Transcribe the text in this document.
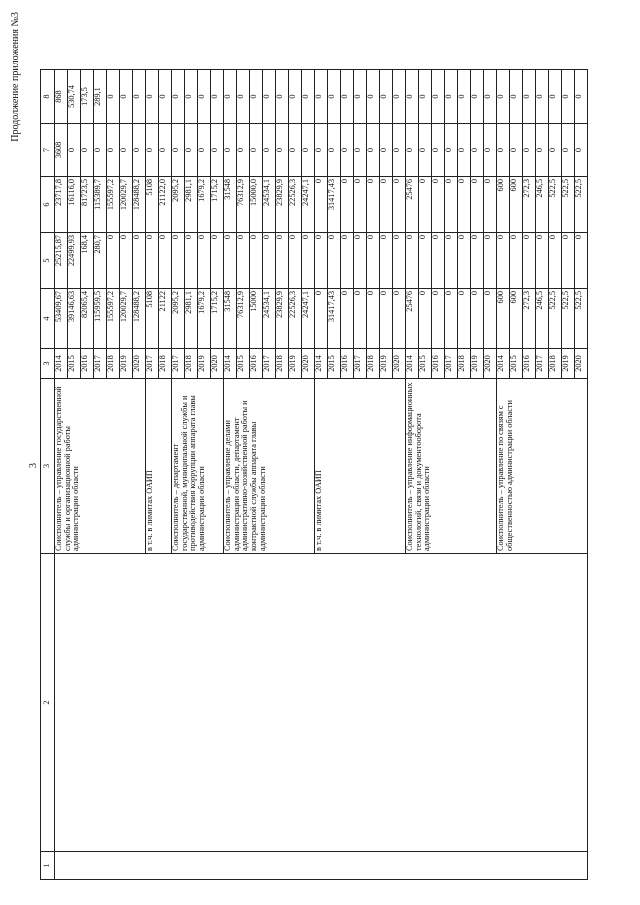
3
Продолжение приложения №3
1	2	3	3	4	5	6	7	8
		Соисполнитель – управление государственной службы и организационной работы администрации области	2014	53409,67	25215,87	23717,8	3608	868
			2015	39146,63	22499,93	16116,0	0	530,74
			2016	82065,4	168,4	81723,5	0	173,5
			2017	115959,5	280,7	115389,7	0	289,1
			2018	155597,2	0	155597,2	0	0
			2019	120029,7	0	120029,7	0	0
			2020	128488,2	0	128488,2	0	0
		в т.ч. в лимитах ОАИП	2017	5108	0	5108	0	0
			2018	21122	0	21122,0	0	0
		Соисполнитель – департамент государственной, муниципальной службы и противодействия коррупции аппарата главы администрации области	2017	2095,2	0	2095,2	0	0
			2018	2981,1	0	2981,1	0	0
			2019	1679,2	0	1679,2	0	0
			2020	1715,2	0	1715,2	0	0
		Соисполнитель – управление делами администрации области, департамент административно-хозяйственной работы и контрактной службы аппарата главы администрации области	2014	31548	0	31548	0	0
			2015	76312,9	0	76312,9	0	0
			2016	15000	0	15000,0	0	0
			2017	24534,1	0	24534,1	0	0
			2018	23829,9	0	23829,9	0	0
			2019	22526,3	0	22526,3	0	0
			2020	24247,1	0	24247,1	0	0
		в т.ч. в лимитах ОАИП	2014	0	0	0	0	0
			2015	31417,43	0	31417,43	0	0
			2016	0	0	0	0	0
			2017	0	0	0	0	0
			2018	0	0	0	0	0
			2019	0	0	0	0	0
			2020	0	0	0	0	0
		Соисполнитель – управление информационных технологий, связи и документооборота администрации области	2014	25476	0	25476	0	0
			2015	0	0	0	0	0
			2016	0	0	0	0	0
			2017	0	0	0	0	0
			2018	0	0	0	0	0
			2019	0	0	0	0	0
			2020	0	0	0	0	0
		Соисполнитель – управление по связям с общественностью администрации области	2014	600	0	600	0	0
			2015	600	0	600	0	0
			2016	272,3	0	272,3	0	0
			2017	246,5	0	246,5	0	0
			2018	522,5	0	522,5	0	0
			2019	522,5	0	522,5	0	0
			2020	522,5	0	522,5	0	0
